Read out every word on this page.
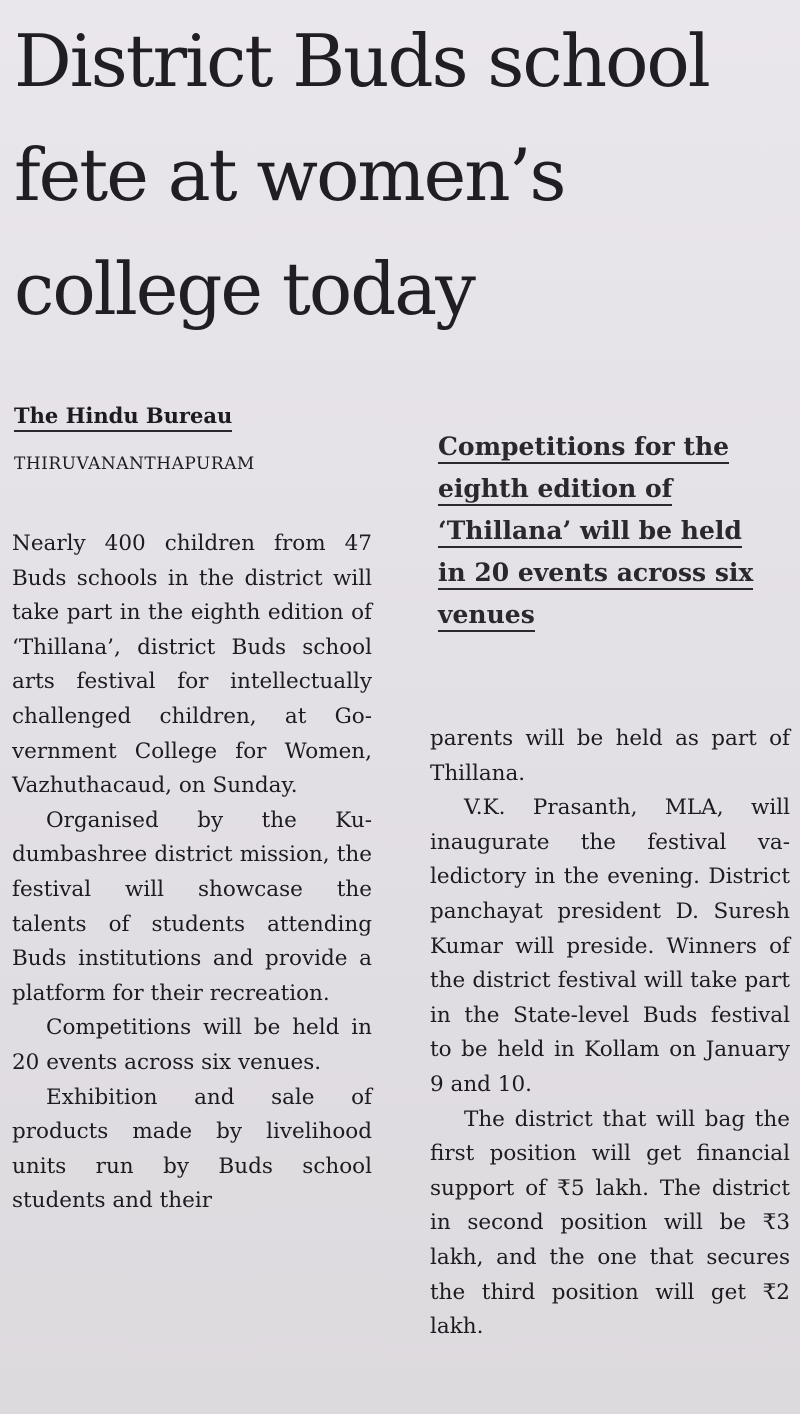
District Buds school fete at women’s college today
The Hindu Bureau
THIRUVANANTHAPURAM

Nearly 400 children from 47 Buds schools in the district will take part in the eighth edition of ‘Thillana’, district Buds school arts festival for intellectually challenged children, at Government College for Women, Vazhuthacaud, on Sunday.

Organised by the Kudumbashree district mission, the festival will showcase the talents of students attending Buds institutions and provide a platform for their recreation.

Competitions will be held in 20 events across six venues.

Exhibition and sale of products made by livelihood units run by Buds school students and their

Competitions for the eighth edition of ‘Thillana’ will be held in 20 events across six venues

parents will be held as part of Thillana.

V.K. Prasanth, MLA, will inaugurate the festival valedictory in the evening. District panchayat president D. Suresh Kumar will preside. Winners of the district festival will take part in the State-level Buds festival to be held in Kollam on January 9 and 10.

The district that will bag the first position will get financial support of ₹5 lakh. The district in second position will be ₹3 lakh, and the one that secures the third position will get ₹2 lakh.
